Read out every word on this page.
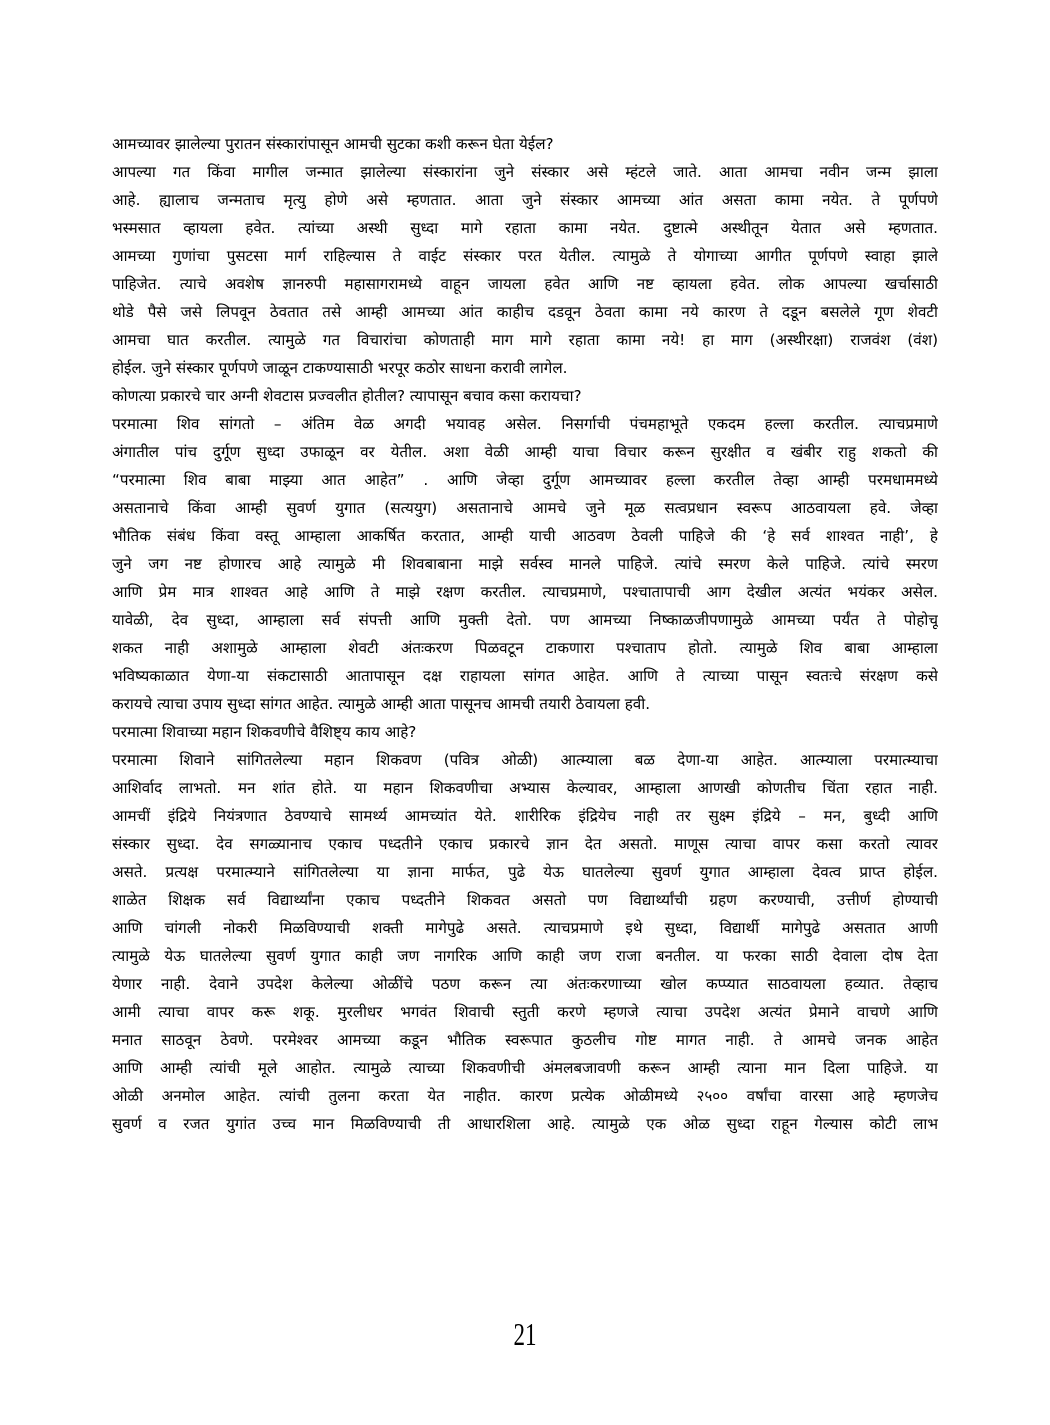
आमच्यावर झालेल्या पुरातन संस्कारांपासून आमची सुटका कशी करून घेता येईल?
आपल्या गत किंवा मागील जन्मात झालेल्या संस्कारांना जुने संस्कार असे म्हंटले जाते. आता आमचा नवीन जन्म झाला
आहे. ह्यालाच जन्मताच मृत्यु होणे असे म्हणतात. आता जुने संस्कार आमच्या आंत असता कामा नयेत. ते पूर्णपणे
भस्मसात व्हायला हवेत. त्यांच्या अस्थी सुध्दा मागे रहाता कामा नयेत. दुष्टात्मे अस्थीतून येतात असे म्हणतात.
आमच्या गुणांचा पुसटसा मार्ग राहिल्यास ते वाईट संस्कार परत येतील. त्यामुळे ते योगाच्या आगीत पूर्णपणे स्वाहा झाले
पाहिजेत. त्याचे अवशेष ज्ञानरुपी महासागरामध्ये वाहून जायला हवेत आणि नष्ट व्हायला हवेत. लोक आपल्या खर्चासाठी
थोडे पैसे जसे लिपवून ठेवतात तसे आम्ही आमच्या आंत काहीच दडवून ठेवता कामा नये कारण ते दडून बसलेले गूण शेवटी
आमचा घात करतील. त्यामुळे गत विचारांचा कोणताही माग मागे रहाता कामा नये! हा माग (अस्थीरक्षा) राजवंश (वंश)
होईल. जुने संस्कार पूर्णपणे जाळून टाकण्यासाठी भरपूर कठोर साधना करावी लागेल.
कोणत्या प्रकारचे चार अग्नी शेवटास प्रज्वलीत होतील? त्यापासून बचाव कसा करायचा?
परमात्मा शिव सांगतो – अंतिम वेळ अगदी भयावह असेल. निसर्गाची पंचमहाभूते एकदम हल्ला करतील. त्याचप्रमाणे
अंगातील पांच दुर्गूण सुध्दा उफाळून वर येतील. अशा वेळी आम्ही याचा विचार करून सुरक्षीत व खंबीर राहु शकतो की
“परमात्मा शिव बाबा माझ्या आत आहेत” . आणि जेव्हा दुर्गूण आमच्यावर हल्ला करतील तेव्हा आम्ही परमधाममध्ये
असतानाचे किंवा आम्ही सुवर्ण युगात (सत्ययुग) असतानाचे आमचे जुने मूळ सत्वप्रधान स्वरूप आठवायला हवे. जेव्हा
भौतिक संबंध किंवा वस्तू आम्हाला आकर्षित करतात, आम्ही याची आठवण ठेवली पाहिजे की ‘हे सर्व शाश्वत नाही’, हे
जुने जग नष्ट होणारच आहे त्यामुळे मी शिवबाबाना माझे सर्वस्व मानले पाहिजे. त्यांचे स्मरण केले पाहिजे. त्यांचे स्मरण
आणि प्रेम मात्र शाश्वत आहे आणि ते माझे रक्षण करतील. त्याचप्रमाणे, पश्चातापाची आग देखील अत्यंत भयंकर असेल.
यावेळी, देव सुध्दा, आम्हाला सर्व संपत्ती आणि मुक्ती देतो. पण आमच्या निष्काळजीपणामुळे आमच्या पर्यंत ते पोहोचू
शकत नाही अशामुळे आम्हाला शेवटी अंतःकरण पिळवटून टाकणारा पश्चाताप होतो. त्यामुळे शिव बाबा आम्हाला
भविष्यकाळात येणा-या संकटासाठी आतापासून दक्ष राहायला सांगत आहेत. आणि ते त्याच्या पासून स्वतःचे संरक्षण कसे
करायचे त्याचा उपाय सुध्दा सांगत आहेत. त्यामुळे आम्ही आता पासूनच आमची तयारी ठेवायला हवी.
परमात्मा शिवाच्या महान शिकवणीचे वैशिष्ट्य काय आहे?
परमात्मा शिवाने सांगितलेल्या महान शिकवण (पवित्र ओळी) आत्म्याला बळ देणा-या आहेत. आत्म्याला परमात्म्याचा
आशिर्वाद लाभतो. मन शांत होते. या महान शिकवणीचा अभ्यास केल्यावर, आम्हाला आणखी कोणतीच चिंता रहात नाही.
आमचीं इंद्रिये नियंत्रणात ठेवण्याचे सामर्थ्य आमच्यांत येते. शारीरिक इंद्रियेच नाही तर सुक्ष्म इंद्रिये – मन, बुध्दी आणि
संस्कार सुध्दा. देव सगळ्यानाच एकाच पध्दतीने एकाच प्रकारचे ज्ञान देत असतो. माणूस त्याचा वापर कसा करतो त्यावर
असते. प्रत्यक्ष परमात्म्याने सांगितलेल्या या ज्ञाना मार्फत, पुढे येऊ घातलेल्या सुवर्ण युगात आम्हाला देवत्व प्राप्त होईल.
शाळेत शिक्षक सर्व विद्यार्थ्यांना एकाच पध्दतीने शिकवत असतो पण विद्यार्थ्यांची ग्रहण करण्याची, उत्तीर्ण होण्याची
आणि चांगली नोकरी मिळविण्याची शक्ती मागेपुढे असते. त्याचप्रमाणे इथे सुध्दा, विद्यार्थी मागेपुढे असतात आणी
त्यामुळे येऊ घातलेल्या सुवर्ण युगात काही जण नागरिक आणि काही जण राजा बनतील. या फरका साठी देवाला दोष देता
येणार नाही. देवाने उपदेश केलेल्या ओळींचे पठण करून त्या अंतःकरणाच्या खोल कप्प्यात साठवायला हव्यात. तेव्हाच
आमी त्याचा वापर करू शकू. मुरलीधर भगवंत शिवाची स्तुती करणे म्हणजे त्याचा उपदेश अत्यंत प्रेमाने वाचणे आणि
मनात साठवून ठेवणे. परमेश्वर आमच्या कडून भौतिक स्वरूपात कुठलीच गोष्ट मागत नाही. ते आमचे जनक आहेत
आणि आम्ही त्यांची मूले आहोत. त्यामुळे त्याच्या शिकवणीची अंमलबजावणी करून आम्ही त्याना मान दिला पाहिजे. या
ओळी अनमोल आहेत. त्यांची तुलना करता येत नाहीत. कारण प्रत्येक ओळीमध्ये २५०० वर्षांचा वारसा आहे म्हणजेच
सुवर्ण व रजत युगांत उच्च मान मिळविण्याची ती आधारशिला आहे. त्यामुळे एक ओळ सुध्दा राहून गेल्यास कोटी लाभ
21
